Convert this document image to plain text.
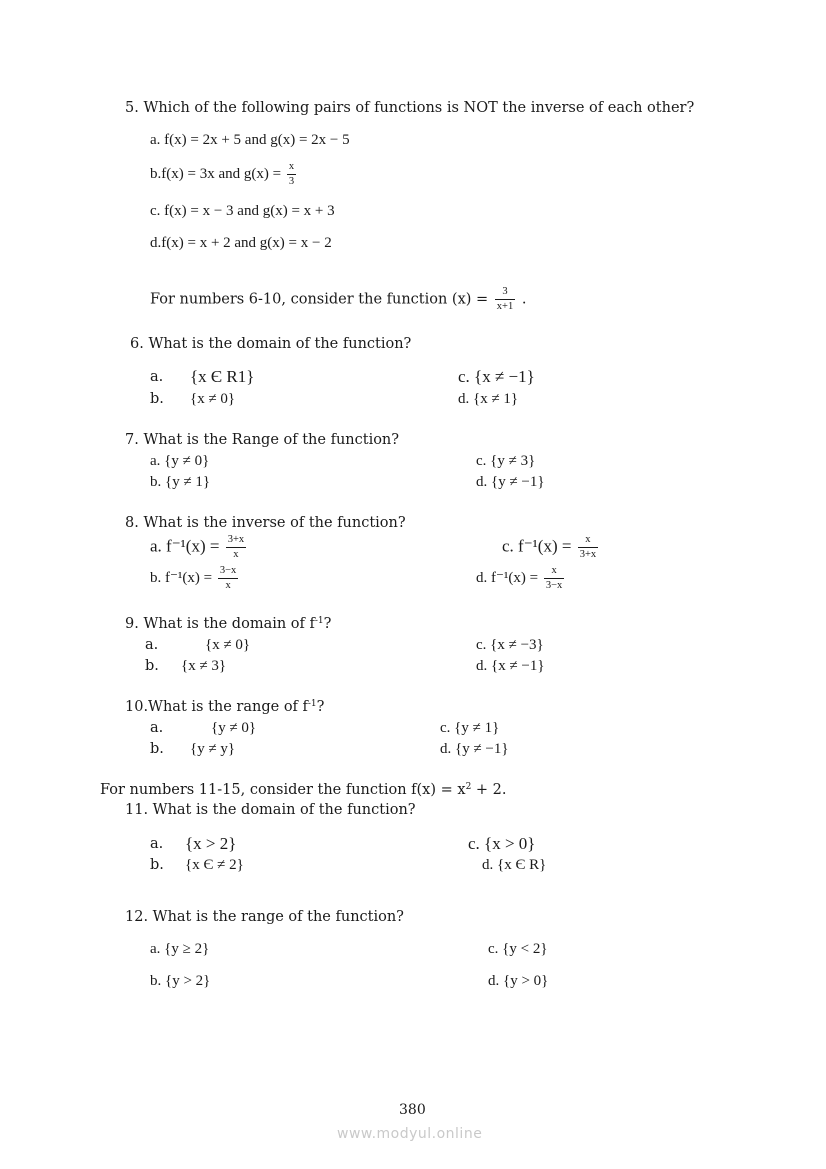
5. Which of the following pairs of functions is NOT the inverse of each other?
a. f(x) = 2x + 5 and g(x) = 2x − 5
b.f(x) = 3x and $g(x) = \frac{x}{3}$
c. f(x) = x − 3 and g(x) = x + 3
d.f(x) = x + 2 and g(x) = x − 2
For numbers 6-10, consider the function $(x) = \frac{3}{x+1}$ .
6. What is the domain of the function?
a. {x Є R1}
b. {x ≠ 0}
c. {x ≠ −1}
d. {x ≠ 1}
7. What is the Range of the function?
a. {y ≠ 0}
b. {y ≠ 1}
c. {y ≠ 3}
d. {y ≠ −1}
8. What is the inverse of the function?
a. $f^{-1}(x) = \frac{3+x}{x}$
b. $f^{-1}(x) = \frac{3-x}{x}$
c. $f^{-1}(x) = \frac{x}{3+x}$
d. $f^{-1}(x) = \frac{x}{3-x}$
9. What is the domain of $f^{-1}$?
a.	{x ≠ 0}
b. {x ≠ 3}
c. {x ≠ −3}
d. {x ≠ −1}
10.What is the range of $f^{-1}$?
a.	{y ≠ 0}
b. {y ≠ y}
c. {y ≠ 1}
d. {y ≠ −1}
For numbers 11-15, consider the function $f(x) = x^2 + 2$.
11. What is the domain of the function?
a. {x > 2}
b. {x Є ≠ 2}
c. {x > 0}
d. {x Є R}
12. What is the range of the function?
a. {y ≥ 2}
b. {y > 2}
c. {y < 2}
d. {y > 0}
380
www.modyul.online
